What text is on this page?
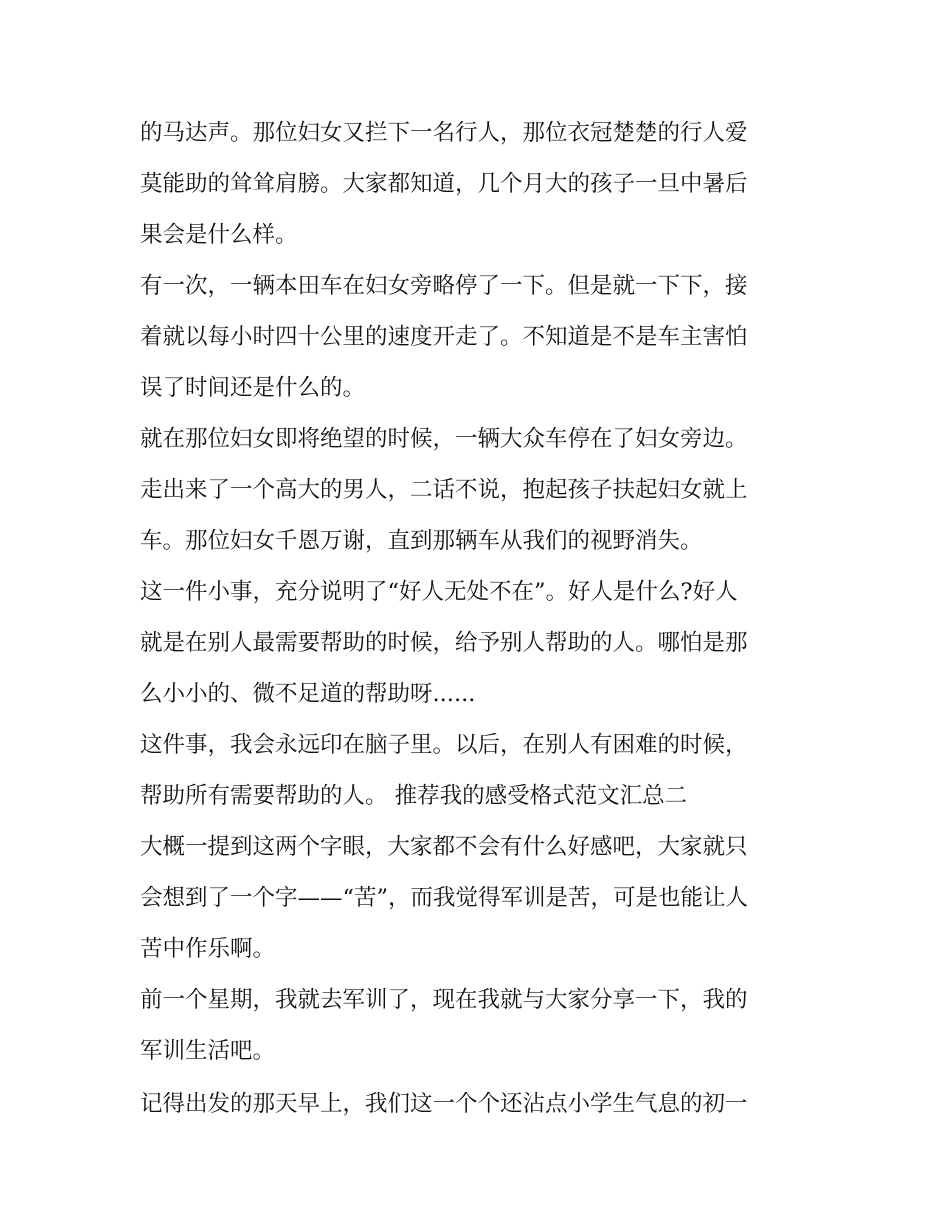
的马达声。那位妇女又拦下一名行人，那位衣冠楚楚的行人爱
莫能助的耸耸肩膀。大家都知道，几个月大的孩子一旦中暑后
果会是什么样。
有一次，一辆本田车在妇女旁略停了一下。但是就一下下，接
着就以每小时四十公里的速度开走了。不知道是不是车主害怕
误了时间还是什么的。
就在那位妇女即将绝望的时候，一辆大众车停在了妇女旁边。
走出来了一个高大的男人，二话不说，抱起孩子扶起妇女就上
车。那位妇女千恩万谢，直到那辆车从我们的视野消失。
这一件小事，充分说明了“好人无处不在”。好人是什么?好人
就是在别人最需要帮助的时候，给予别人帮助的人。哪怕是那
么小小的、微不足道的帮助呀......
这件事，我会永远印在脑子里。以后，在别人有困难的时候，
帮助所有需要帮助的人。 推荐我的感受格式范文汇总二
大概一提到这两个字眼，大家都不会有什么好感吧，大家就只
会想到了一个字——“苦”，而我觉得军训是苦，可是也能让人
苦中作乐啊。
前一个星期，我就去军训了，现在我就与大家分享一下，我的
军训生活吧。
记得出发的那天早上，我们这一个个还沾点小学生气息的初一
